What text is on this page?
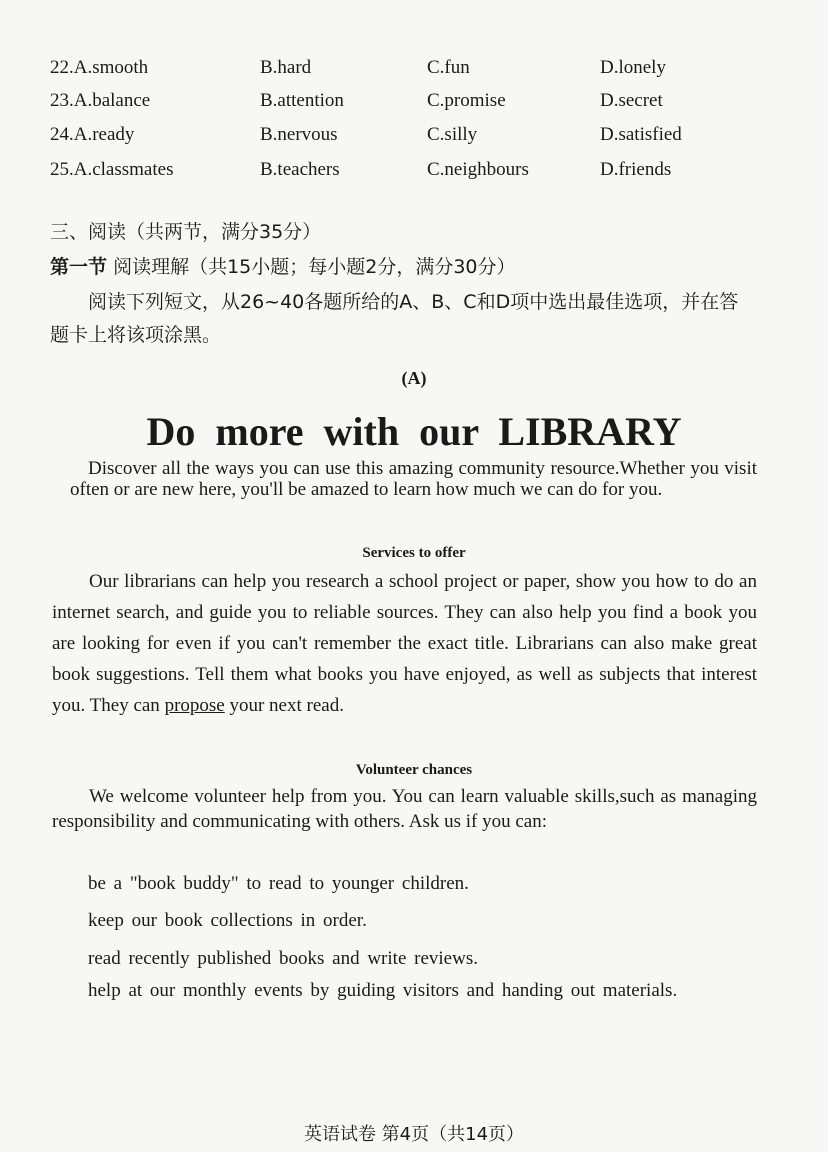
22.A.smooth	B.hard	C.fun	D.lonely
23.A.balance	B.attention	C.promise	D.secret
24.A.ready	B.nervous	C.silly	D.satisfied
25.A.classmates	B.teachers	C.neighbours	D.friends
三、阅读（共两节，满分35分）
第一节 阅读理解（共15小题；每小题2分，满分30分）
阅读下列短文，从26~40各题所给的A、B、C和D项中选出最佳选项，并在答
题卡上将该项涂黑。
(A)
Do more with our LIBRARY
Discover all the ways you can use this amazing community resource.Whether you visit often or are new here, you'll be amazed to learn how much we can do for you.
Services to offer
Our librarians can help you research a school project or paper, show you how to do an internet search, and guide you to reliable sources. They can also help you find a book you are looking for even if you can't remember the exact title. Librarians can also make great book suggestions. Tell them what books you have enjoyed, as well as subjects that interest you. They can propose your next read.
Volunteer chances
We welcome volunteer help from you. You can learn valuable skills,such as managing responsibility and communicating with others. Ask us if you can:
be a "book buddy" to read to younger children.
keep our book collections in order.
read recently published books and write reviews.
help at our monthly events by guiding visitors and handing out materials.
英语试卷 第4页（共14页）
